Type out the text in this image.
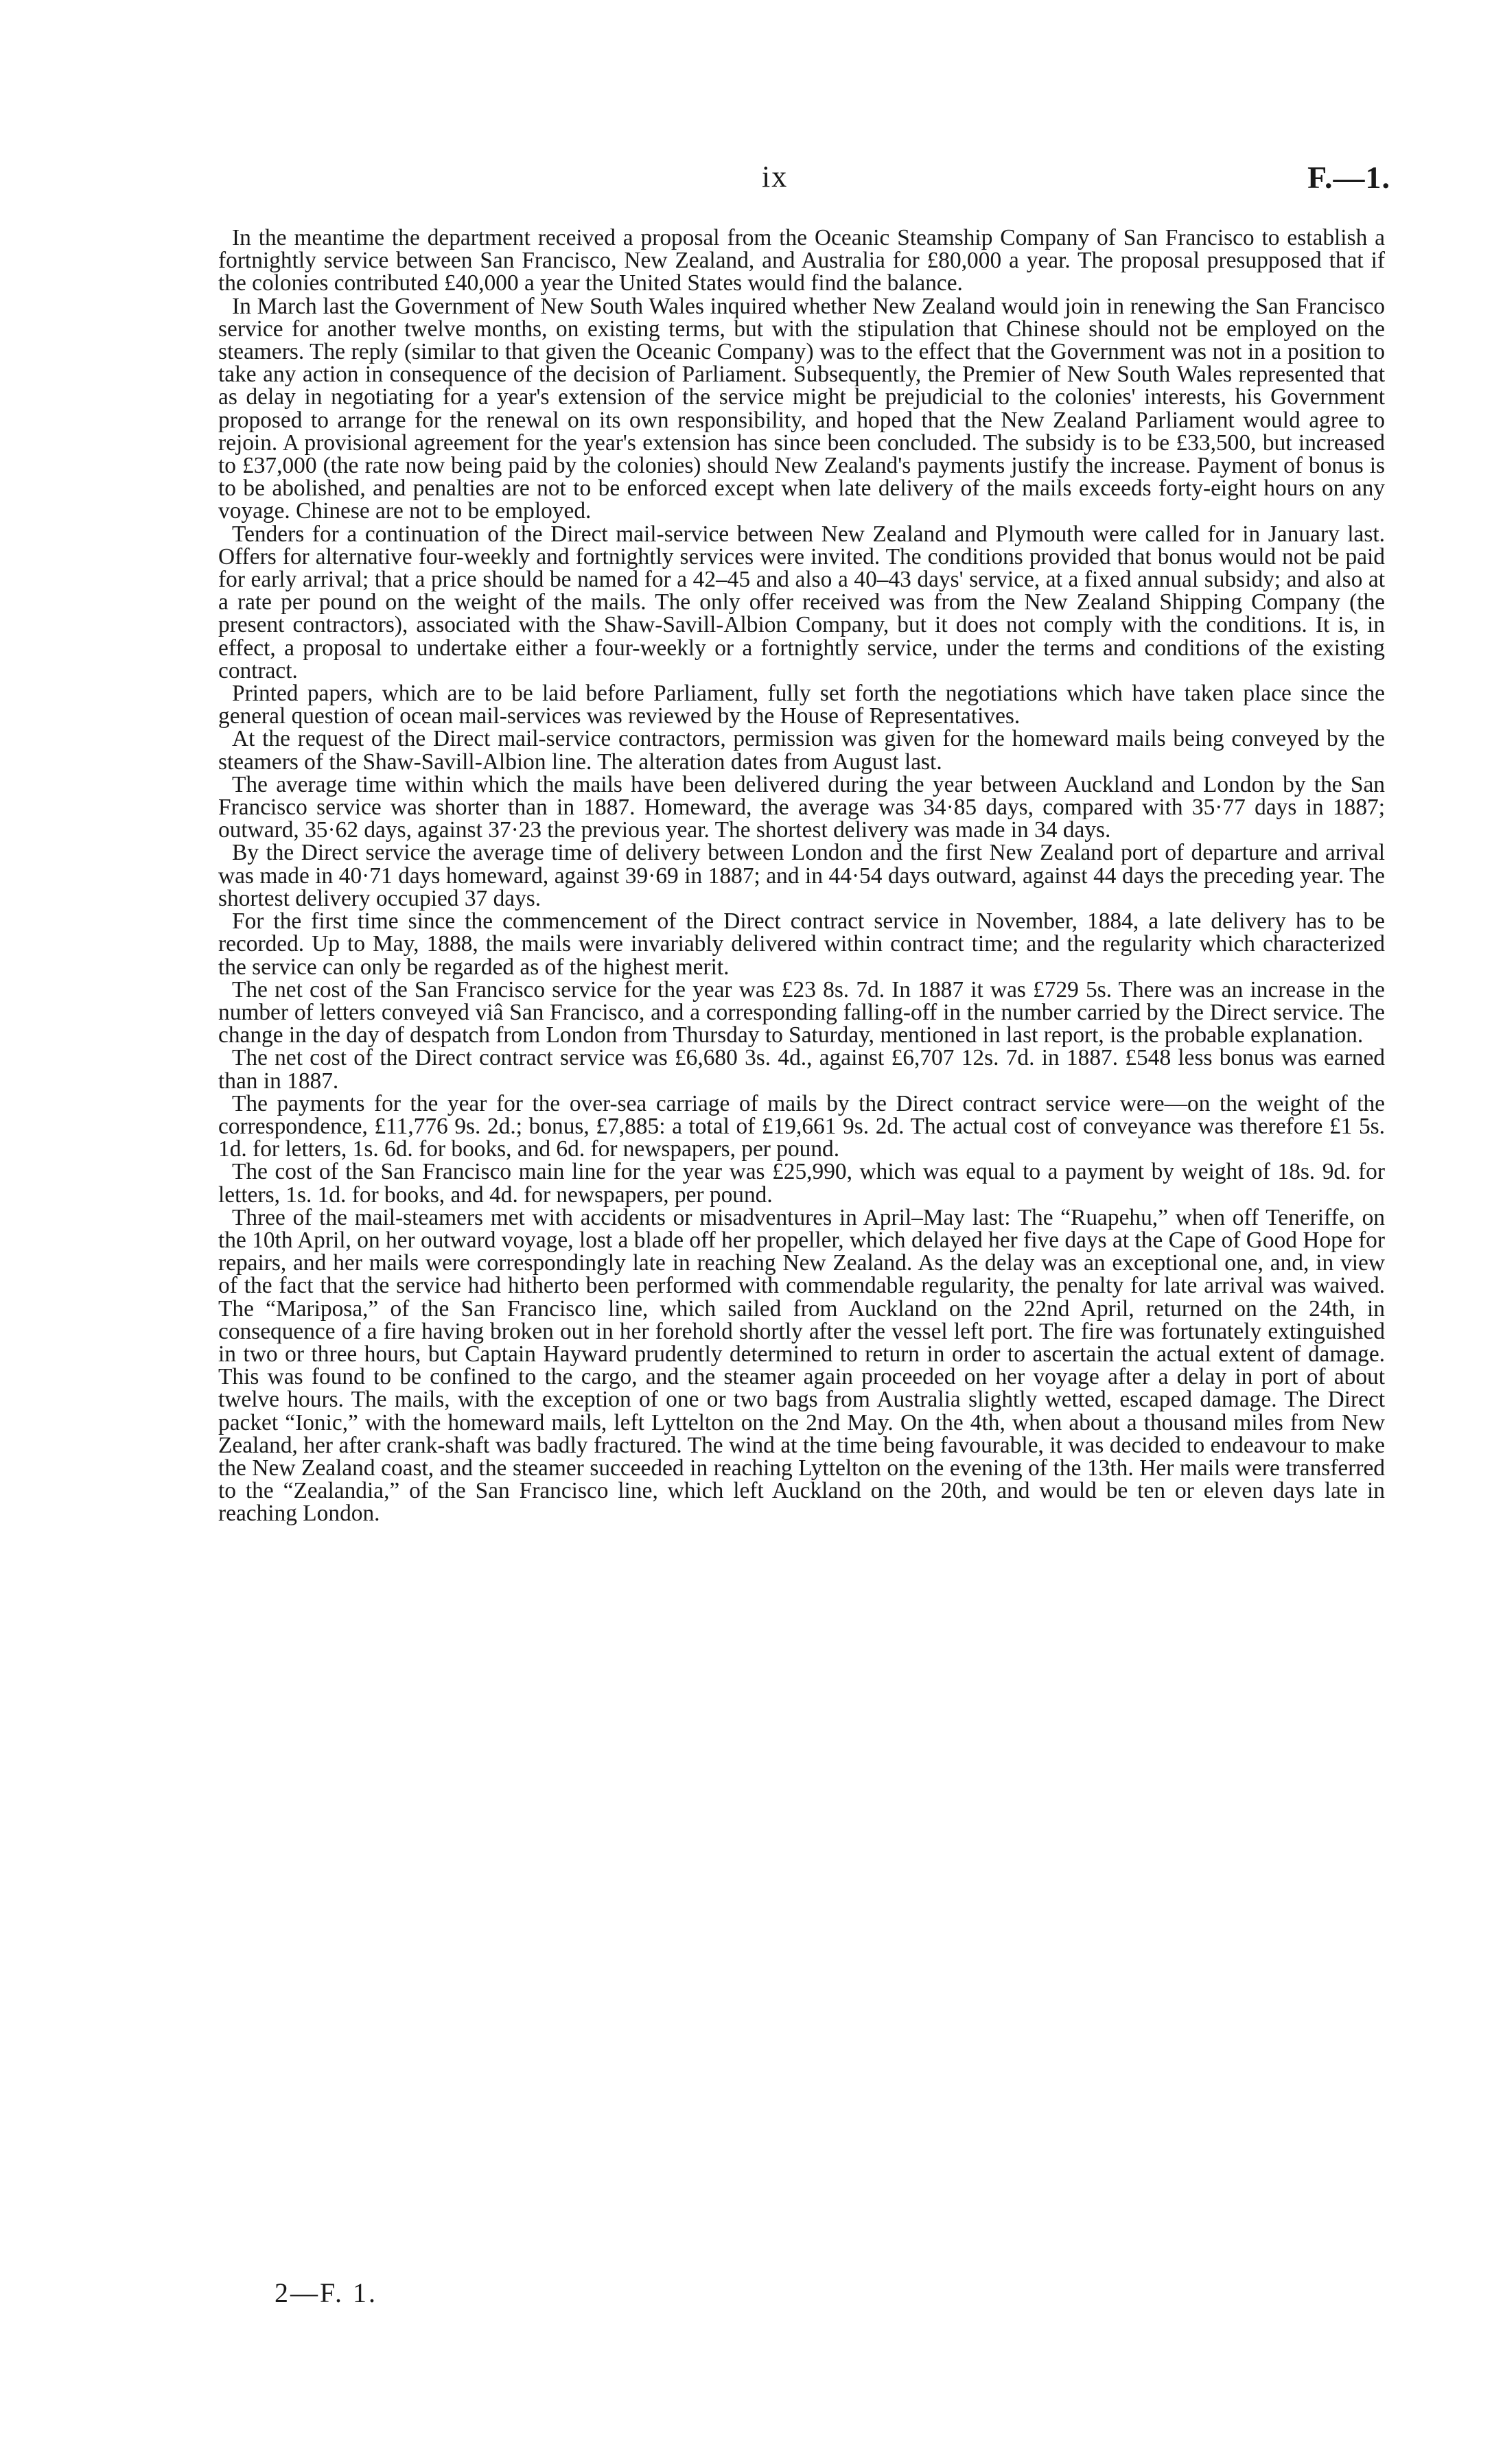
ix	F.—1.

In the meantime the department received a proposal from the Oceanic Steamship Company of San Francisco to establish a fortnightly service between San Francisco, New Zealand, and Australia for £80,000 a year. The proposal presupposed that if the colonies contributed £40,000 a year the United States would find the balance.

In March last the Government of New South Wales inquired whether New Zealand would join in renewing the San Francisco service for another twelve months, on existing terms, but with the stipulation that Chinese should not be employed on the steamers. The reply (similar to that given the Oceanic Company) was to the effect that the Government was not in a position to take any action in consequence of the decision of Parliament. Subsequently, the Premier of New South Wales represented that as delay in negotiating for a year's extension of the service might be prejudicial to the colonies' interests, his Government proposed to arrange for the renewal on its own responsibility, and hoped that the New Zealand Parliament would agree to rejoin. A provisional agreement for the year's extension has since been concluded. The subsidy is to be £33,500, but increased to £37,000 (the rate now being paid by the colonies) should New Zealand's payments justify the increase. Payment of bonus is to be abolished, and penalties are not to be enforced except when late delivery of the mails exceeds forty-eight hours on any voyage. Chinese are not to be employed.

Tenders for a continuation of the Direct mail-service between New Zealand and Plymouth were called for in January last. Offers for alternative four-weekly and fortnightly services were invited. The conditions provided that bonus would not be paid for early arrival; that a price should be named for a 42–45 and also a 40–43 days' service, at a fixed annual subsidy; and also at a rate per pound on the weight of the mails. The only offer received was from the New Zealand Shipping Company (the present contractors), associated with the Shaw-Savill-Albion Company, but it does not comply with the conditions. It is, in effect, a proposal to undertake either a four-weekly or a fortnightly service, under the terms and conditions of the existing contract.

Printed papers, which are to be laid before Parliament, fully set forth the negotiations which have taken place since the general question of ocean mail-services was reviewed by the House of Representatives.

At the request of the Direct mail-service contractors, permission was given for the homeward mails being conveyed by the steamers of the Shaw-Savill-Albion line. The alteration dates from August last.

The average time within which the mails have been delivered during the year between Auckland and London by the San Francisco service was shorter than in 1887. Homeward, the average was 34·85 days, compared with 35·77 days in 1887; outward, 35·62 days, against 37·23 the previous year. The shortest delivery was made in 34 days.

By the Direct service the average time of delivery between London and the first New Zealand port of departure and arrival was made in 40·71 days homeward, against 39·69 in 1887; and in 44·54 days outward, against 44 days the preceding year. The shortest delivery occupied 37 days.

For the first time since the commencement of the Direct contract service in November, 1884, a late delivery has to be recorded. Up to May, 1888, the mails were invariably delivered within contract time; and the regularity which characterized the service can only be regarded as of the highest merit.

The net cost of the San Francisco service for the year was £23 8s. 7d. In 1887 it was £729 5s. There was an increase in the number of letters conveyed viâ San Francisco, and a corresponding falling-off in the number carried by the Direct service. The change in the day of despatch from London from Thursday to Saturday, mentioned in last report, is the probable explanation.

The net cost of the Direct contract service was £6,680 3s. 4d., against £6,707 12s. 7d. in 1887. £548 less bonus was earned than in 1887.

The payments for the year for the over-sea carriage of mails by the Direct contract service were—on the weight of the correspondence, £11,776 9s. 2d.; bonus, £7,885: a total of £19,661 9s. 2d. The actual cost of conveyance was therefore £1 5s. 1d. for letters, 1s. 6d. for books, and 6d. for newspapers, per pound.

The cost of the San Francisco main line for the year was £25,990, which was equal to a payment by weight of 18s. 9d. for letters, 1s. 1d. for books, and 4d. for newspapers, per pound.

Three of the mail-steamers met with accidents or misadventures in April–May last: The “Ruapehu,” when off Teneriffe, on the 10th April, on her outward voyage, lost a blade off her propeller, which delayed her five days at the Cape of Good Hope for repairs, and her mails were correspondingly late in reaching New Zealand. As the delay was an exceptional one, and, in view of the fact that the service had hitherto been performed with commendable regularity, the penalty for late arrival was waived. The “Mariposa,” of the San Francisco line, which sailed from Auckland on the 22nd April, returned on the 24th, in consequence of a fire having broken out in her forehold shortly after the vessel left port. The fire was fortunately extinguished in two or three hours, but Captain Hayward prudently determined to return in order to ascertain the actual extent of damage. This was found to be confined to the cargo, and the steamer again proceeded on her voyage after a delay in port of about twelve hours. The mails, with the exception of one or two bags from Australia slightly wetted, escaped damage. The Direct packet “Ionic,” with the homeward mails, left Lyttelton on the 2nd May. On the 4th, when about a thousand miles from New Zealand, her after crank-shaft was badly fractured. The wind at the time being favourable, it was decided to endeavour to make the New Zealand coast, and the steamer succeeded in reaching Lyttelton on the evening of the 13th. Her mails were transferred to the “Zealandia,” of the San Francisco line, which left Auckland on the 20th, and would be ten or eleven days late in reaching London.

2—F. 1.
